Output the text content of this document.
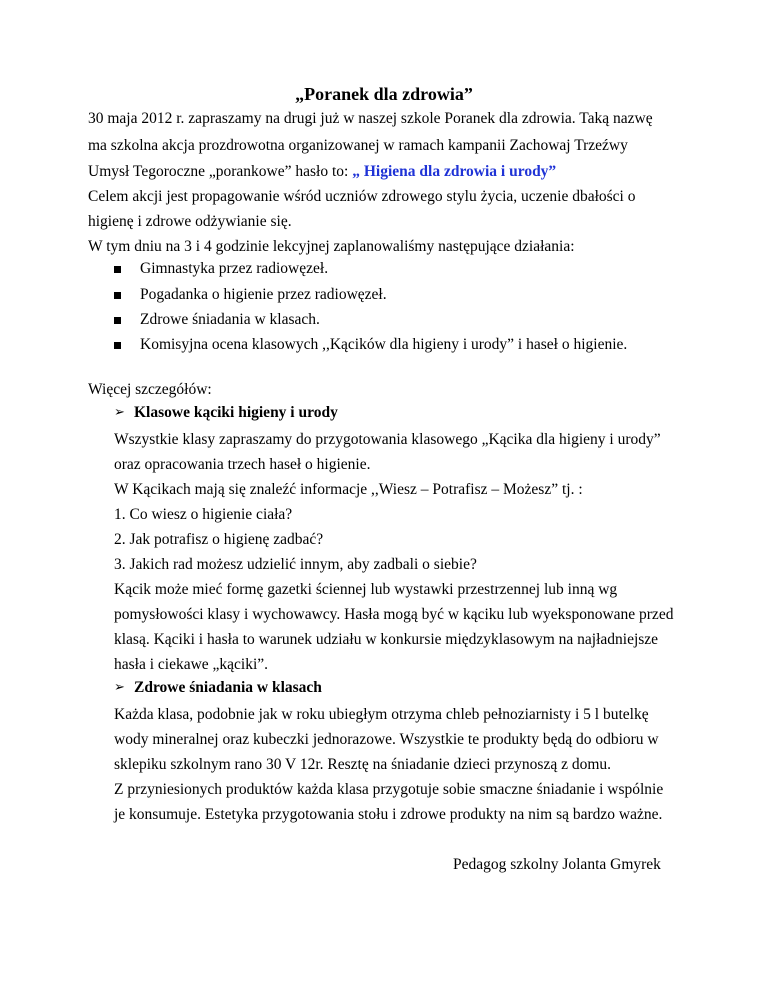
„Poranek dla zdrowia”
30 maja 2012 r. zapraszamy na drugi już w naszej szkole Poranek dla zdrowia. Taką nazwę
ma szkolna akcja prozdrowotna organizowanej w ramach kampanii Zachowaj Trzeźwy
Umysł Tegoroczne „porankowe” hasło to: „ Higiena dla zdrowia i urody”
Celem akcji jest propagowanie wśród uczniów zdrowego stylu życia, uczenie dbałości o
higienę i zdrowe odżywianie się.
W tym dniu na 3 i 4 godzinie lekcyjnej zaplanowaliśmy następujące działania:
Gimnastyka przez radiowęzeł.
Pogadanka o higienie przez radiowęzeł.
Zdrowe śniadania w klasach.
Komisyjna ocena klasowych ,,Kącików dla higieny i urody” i haseł o higienie.
Więcej szczegółów:
➢ Klasowe kąciki higieny i urody
Wszystkie klasy zapraszamy do przygotowania klasowego „Kącika dla higieny i urody”
oraz opracowania trzech haseł o higienie.
W Kącikach mają się znaleźć informacje ,,Wiesz – Potrafisz – Możesz” tj. :
1. Co wiesz o higienie ciała?
2. Jak potrafisz o higienę zadbać?
3. Jakich rad możesz udzielić innym, aby zadbali o siebie?
Kącik może mieć formę gazetki ściennej lub wystawki przestrzennej lub inną wg
pomysłowości klasy i wychowawcy. Hasła mogą być w kąciku lub wyeksponowane przed
klasą. Kąciki i hasła to warunek udziału w konkursie międzyklasowym na najładniejsze
hasła i ciekawe „kąciki”.
➢ Zdrowe śniadania w klasach
Każda klasa, podobnie jak w roku ubiegłym otrzyma chleb pełnoziarnisty i 5 l butelkę
wody mineralnej oraz kubeczki jednorazowe. Wszystkie te produkty będą do odbioru w
sklepiku szkolnym rano 30 V 12r. Resztę na śniadanie dzieci przynoszą z domu.
Z przyniesionych produktów każda klasa przygotuje sobie smaczne śniadanie i wspólnie
je konsumuje. Estetyka przygotowania stołu i zdrowe produkty na nim są bardzo ważne.
Pedagog szkolny Jolanta Gmyrek
